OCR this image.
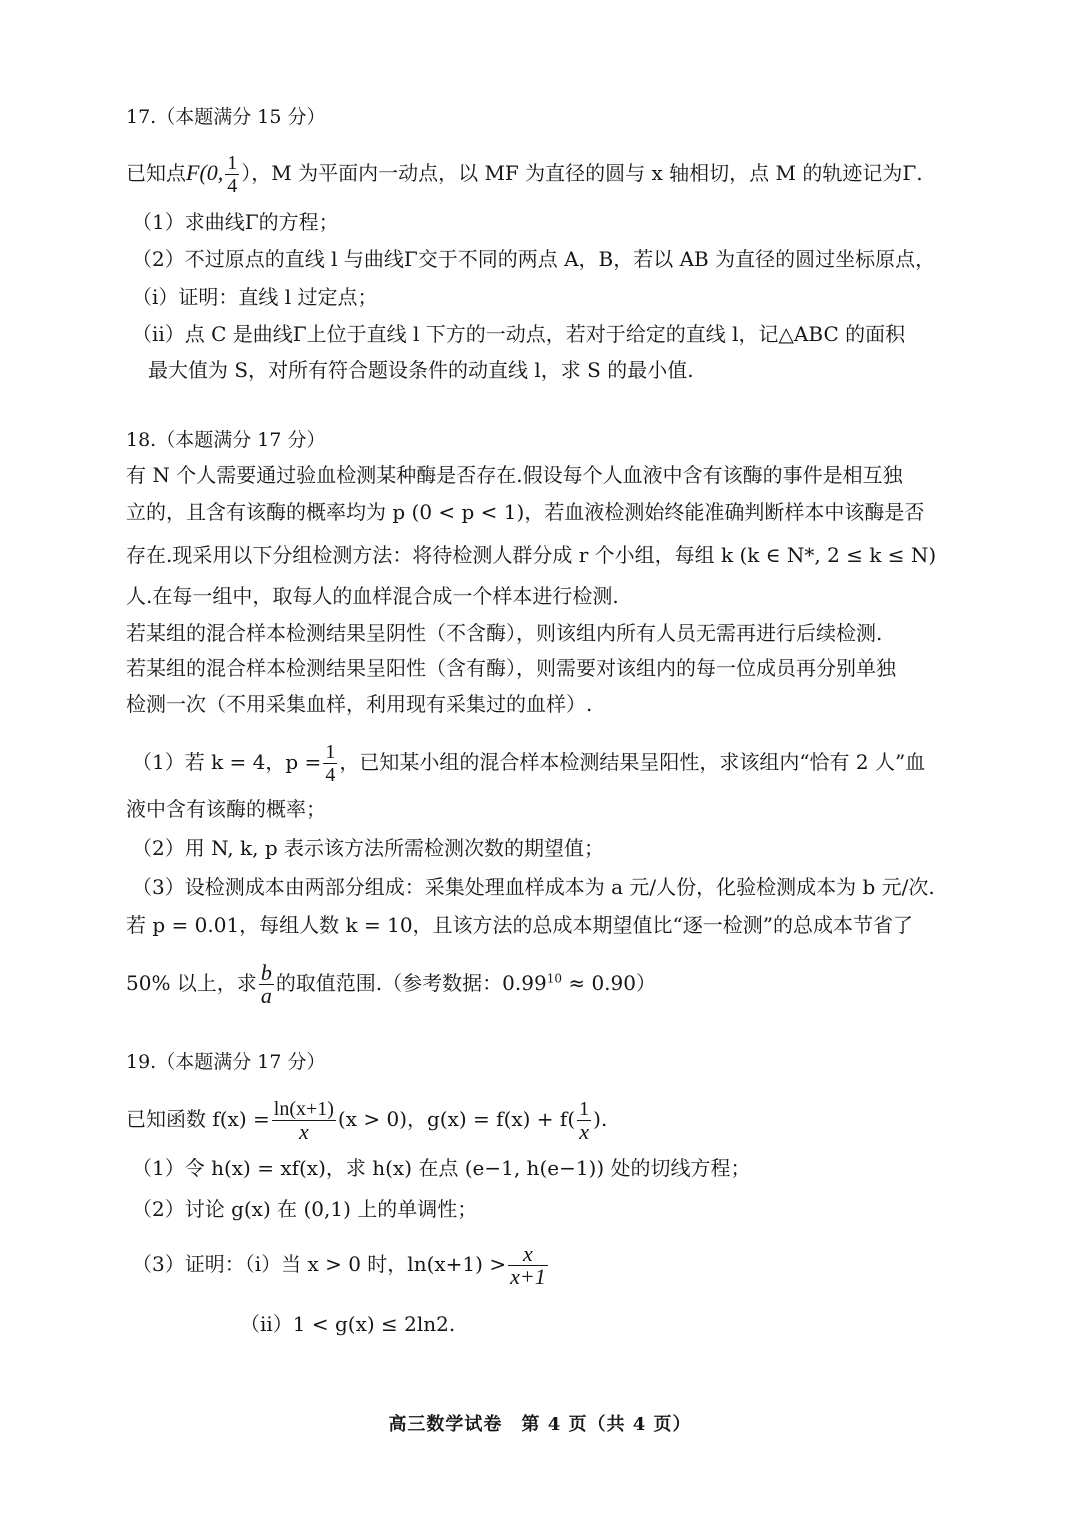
17.（本题满分 15 分）
已知点F(0, $\frac{1}{4}$ ），M 为平面内一动点，以 MF 为直径的圆与 x 轴相切，点 M 的轨迹记为Γ.
（1）求曲线Γ的方程；
（2）不过原点的直线 l 与曲线Γ交于不同的两点 A，B，若以 AB 为直径的圆过坐标原点，
（i）证明：直线 l 过定点；
（ii）点 C 是曲线Γ上位于直线 l 下方的一动点，若对于给定的直线 l，记△ABC 的面积
最大值为 S，对所有符合题设条件的动直线 l，求 S 的最小值.
18.（本题满分 17 分）
有 N 个人需要通过验血检测某种酶是否存在.假设每个人血液中含有该酶的事件是相互独
立的，且含有该酶的概率均为 p (0 < p < 1)，若血液检测始终能准确判断样本中该酶是否
存在.现采用以下分组检测方法：将待检测人群分成 r 个小组，每组 k (k ∈ N*, 2 ≤ k ≤ N)
人.在每一组中，取每人的血样混合成一个样本进行检测.
若某组的混合样本检测结果呈阴性（不含酶），则该组内所有人员无需再进行后续检测.
若某组的混合样本检测结果呈阳性（含有酶），则需要对该组内的每一位成员再分别单独
检测一次（不用采集血样，利用现有采集过的血样）.
（1）若 k = 4，$p = \frac{1}{4}$ ，已知某小组的混合样本检测结果呈阳性，求该组内“恰有 2 人”血
液中含有该酶的概率；
（2）用 N, k, p 表示该方法所需检测次数的期望值；
（3）设检测成本由两部分组成：采集处理血样成本为 a 元/人份，化验检测成本为 b 元/次.
若 p = 0.01，每组人数 k = 10，且该方法的总成本期望值比“逐一检测”的总成本节省了
50% 以上，求 $\frac{b}{a}$ 的取值范围.（参考数据：$0.99^{10} \approx 0.90$）
19.（本题满分 17 分）
已知函数 $f(x) = \frac{\ln(x+1)}{x} (x > 0)$，$g(x) = f(x) + f( \frac{1}{x}$ ).
（1）令 h(x) = xf(x)，求 h(x) 在点 (e−1, h(e−1)) 处的切线方程；
（2）讨论 g(x) 在 (0,1) 上的单调性；
（3）证明：（i）当 x > 0 时，$\ln(x+1) > \frac{x}{x+1}$
（ii）1 < g(x) ≤ 2ln2.
高三数学试卷　第 4 页（共 4 页）
